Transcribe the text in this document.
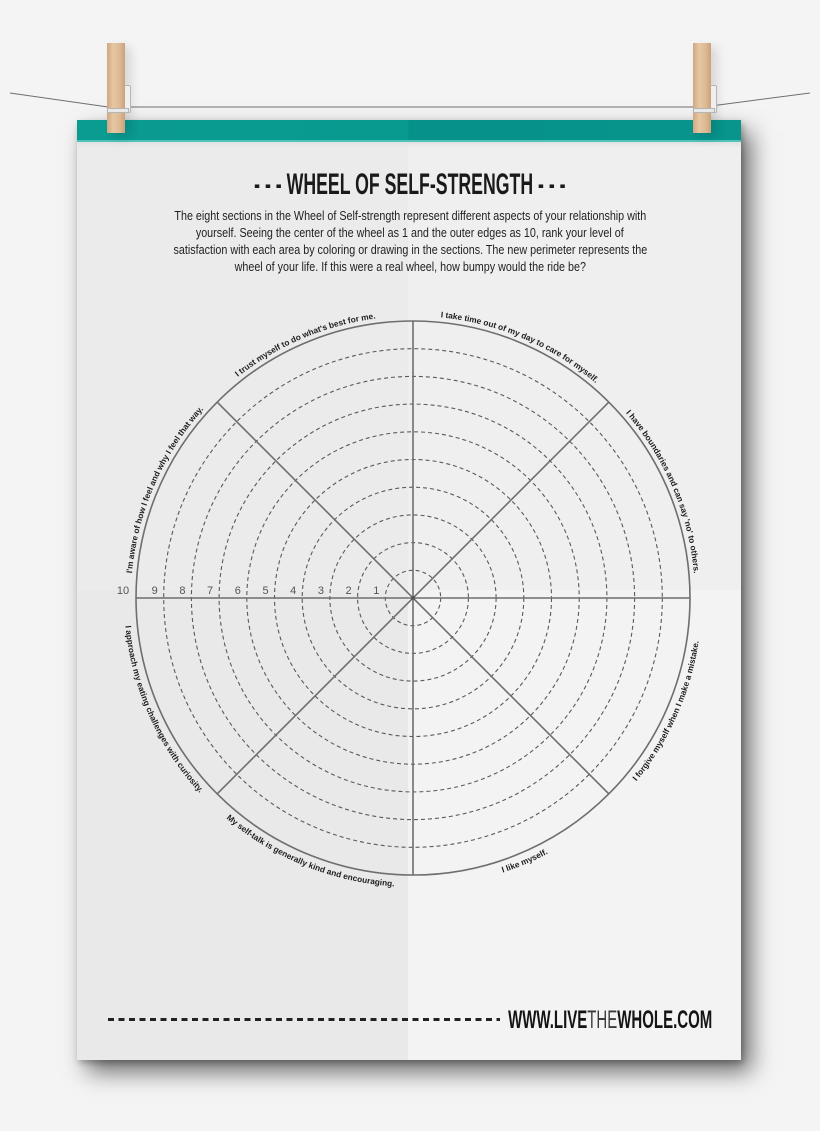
- - - WHEEL OF SELF-STRENGTH - - -
The eight sections in the Wheel of Self-strength represent different aspects of your relationship with
yourself. Seeing the center of the wheel as 1 and the outer edges as 10, rank your level of
satisfaction with each area by coloring or drawing in the sections. The new perimeter represents the
wheel of your life. If this were a real wheel, how bumpy would the ride be?
10 9 8 7 6 5 4 3 2 1
I trust myself to do what's best for me.	I take time out of my day to care for myself.
I have boundaries and can say 'no' to others.
I forgive myself when I make a mistake.
I like myself.
My self-talk is generally kind and encouraging.
I approach my eating challenges with curiosity.
I'm aware of how I feel and why I feel that way.
WWW.LIVETHEWHOLE.COM
